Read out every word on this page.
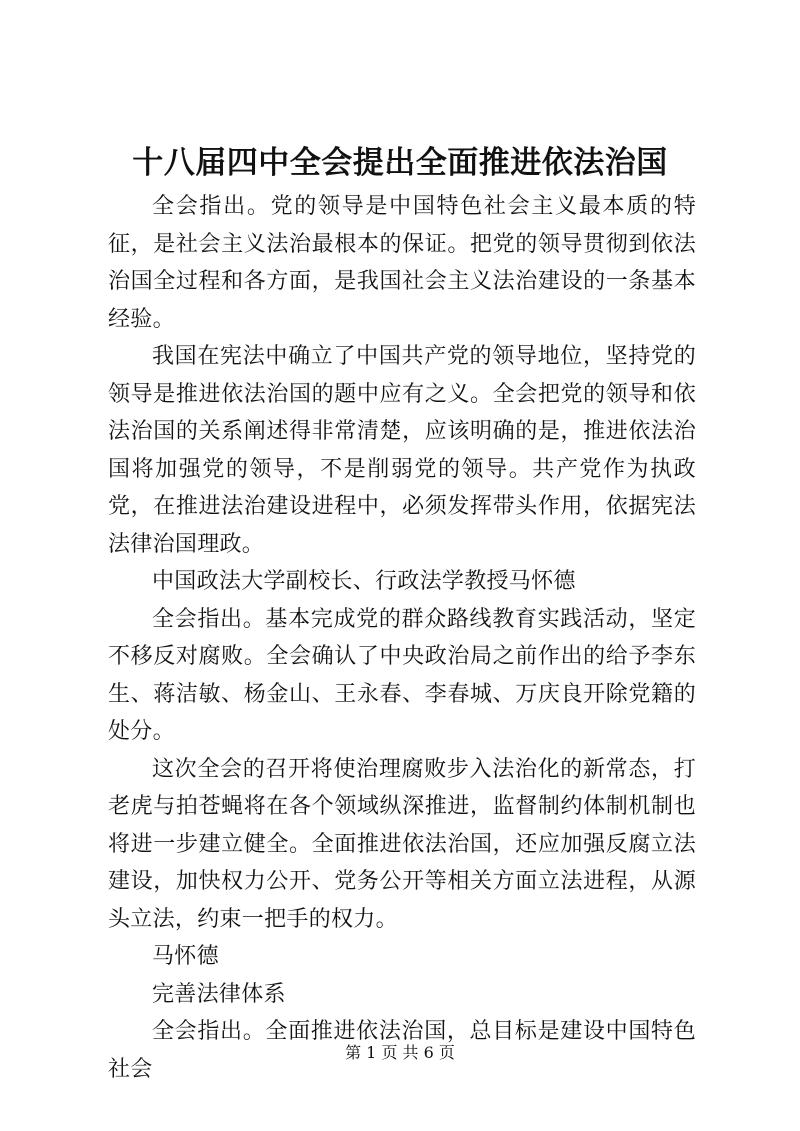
十八届四中全会提出全面推进依法治国

全会指出。党的领导是中国特色社会主义最本质的特征，是社会主义法治最根本的保证。把党的领导贯彻到依法治国全过程和各方面，是我国社会主义法治建设的一条基本经验。

我国在宪法中确立了中国共产党的领导地位，坚持党的领导是推进依法治国的题中应有之义。全会把党的领导和依法治国的关系阐述得非常清楚，应该明确的是，推进依法治国将加强党的领导，不是削弱党的领导。共产党作为执政党，在推进法治建设进程中，必须发挥带头作用，依据宪法法律治国理政。

中国政法大学副校长、行政法学教授马怀德

全会指出。基本完成党的群众路线教育实践活动，坚定不移反对腐败。全会确认了中央政治局之前作出的给予李东生、蒋洁敏、杨金山、王永春、李春城、万庆良开除党籍的处分。

这次全会的召开将使治理腐败步入法治化的新常态，打老虎与拍苍蝇将在各个领域纵深推进，监督制约体制机制也将进一步建立健全。全面推进依法治国，还应加强反腐立法建设，加快权力公开、党务公开等相关方面立法进程，从源头立法，约束一把手的权力。

马怀德

完善法律体系

全会指出。全面推进依法治国，总目标是建设中国特色社会

第 1 页 共 6 页
